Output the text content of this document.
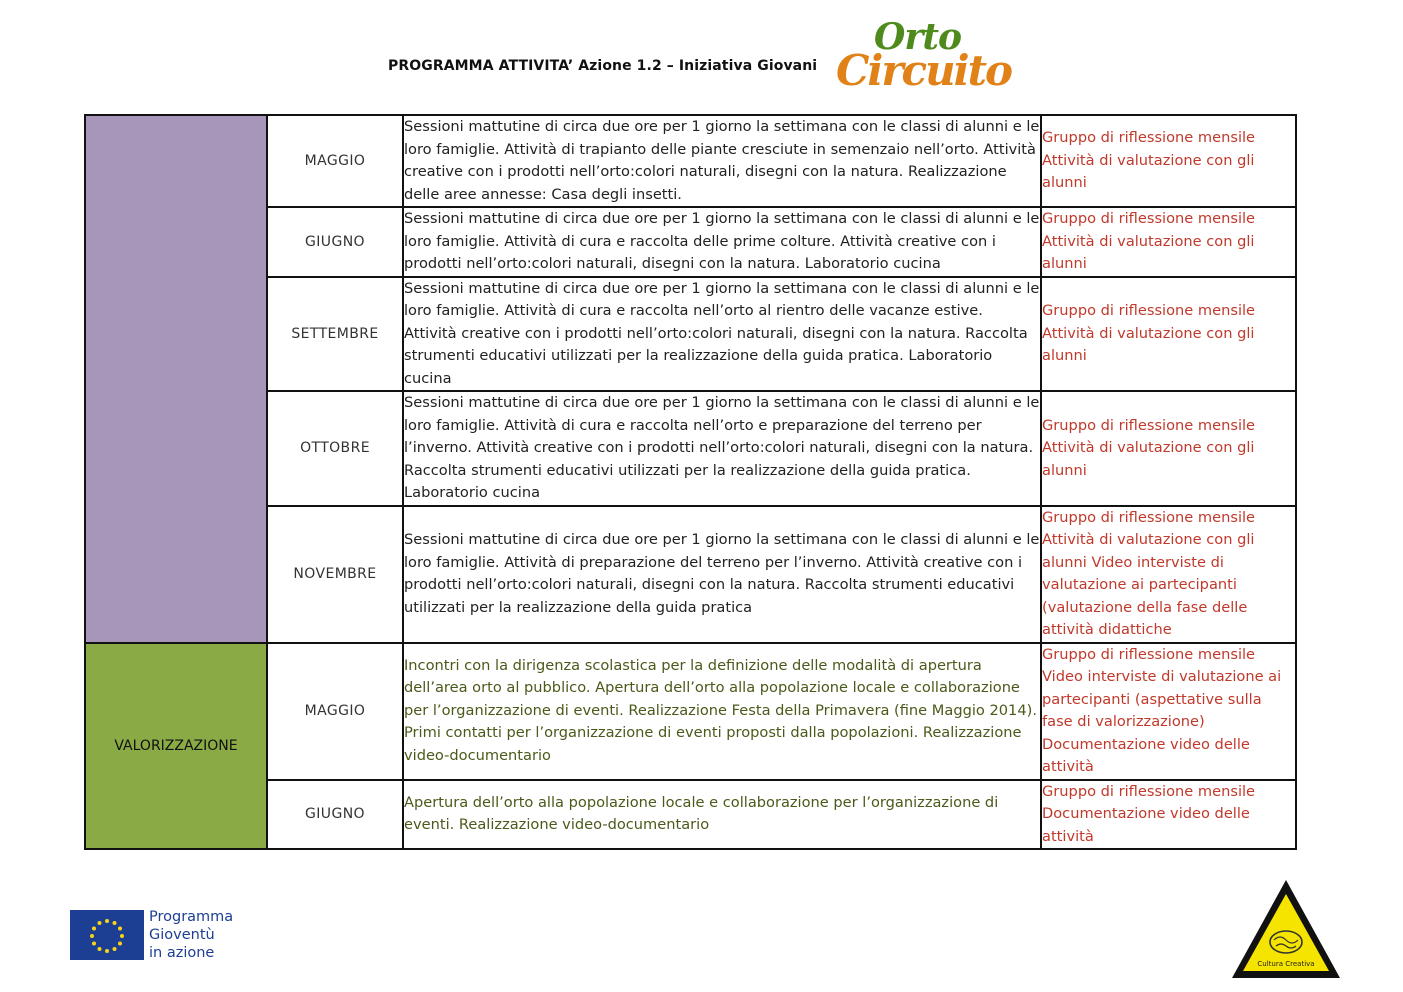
PROGRAMMA ATTIVITA’ Azione 1.2 – Iniziativa Giovani
Orto
Circuito
	MAGGIO	Sessioni mattutine di circa due ore per 1 giorno la settimana con le classi di alunni e le loro famiglie. Attività di trapianto delle piante cresciute in semenzaio nell’orto. Attività creative con i prodotti nell’orto:colori naturali, disegni con la natura. Realizzazione delle aree annesse: Casa degli insetti.	Gruppo di riflessione mensile Attività di valutazione con gli alunni
	GIUGNO	Sessioni mattutine di circa due ore per 1 giorno la settimana con le classi di alunni e le loro famiglie. Attività di cura e raccolta delle prime colture. Attività creative con i prodotti nell’orto:colori naturali, disegni con la natura. Laboratorio cucina	Gruppo di riflessione mensile Attività di valutazione con gli alunni
	SETTEMBRE	Sessioni mattutine di circa due ore per 1 giorno la settimana con le classi di alunni e le loro famiglie. Attività di cura e raccolta nell’orto al rientro delle vacanze estive. Attività creative con i prodotti nell’orto:colori naturali, disegni con la natura. Raccolta strumenti educativi utilizzati per la realizzazione della guida pratica. Laboratorio cucina	Gruppo di riflessione mensile Attività di valutazione con gli alunni
	OTTOBRE	Sessioni mattutine di circa due ore per 1 giorno la settimana con le classi di alunni e le loro famiglie. Attività di cura e raccolta nell’orto e preparazione del terreno per l’inverno. Attività creative con i prodotti nell’orto:colori naturali, disegni con la natura. Raccolta strumenti educativi utilizzati per la realizzazione della guida pratica. Laboratorio cucina	Gruppo di riflessione mensile Attività di valutazione con gli alunni
	NOVEMBRE	Sessioni mattutine di circa due ore per 1 giorno la settimana con le classi di alunni e le loro famiglie. Attività di preparazione del terreno per l’inverno. Attività creative con i prodotti nell’orto:colori naturali, disegni con la natura. Raccolta strumenti educativi utilizzati per la realizzazione della guida pratica	Gruppo di riflessione mensile Attività di valutazione con gli alunni Video interviste di valutazione ai partecipanti (valutazione della fase delle attività didattiche
VALORIZZAZIONE	MAGGIO	Incontri con la dirigenza scolastica per la definizione delle modalità di apertura dell’area orto al pubblico. Apertura dell’orto alla popolazione locale e collaborazione per l’organizzazione di eventi. Realizzazione Festa della Primavera (fine Maggio 2014). Primi contatti per l’organizzazione di eventi proposti dalla popolazioni. Realizzazione video-documentario	Gruppo di riflessione mensile Video interviste di valutazione ai partecipanti (aspettative sulla fase di valorizzazione) Documentazione video delle attività
	GIUGNO	Apertura dell’orto alla popolazione locale e collaborazione per l’organizzazione di eventi. Realizzazione video-documentario	Gruppo di riflessione mensile Documentazione video delle attività
Programma
Gioventù
in azione
Cultura Creativa
